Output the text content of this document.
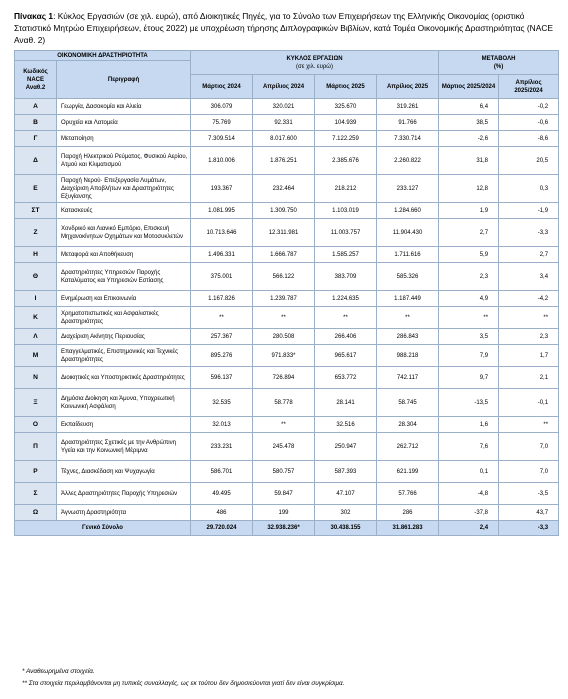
Πίνακας 1: Κύκλος Εργασιών (σε χιλ. ευρώ), από Διοικητικές Πηγές, για το Σύνολο των Επιχειρήσεων της Ελληνικής Οικονομίας (οριστικό Στατιστικό Μητρώο Επιχειρήσεων, έτους 2022) με υποχρέωση τήρησης Διπλογραφικών Βιβλίων, κατά Τομέα Οικονομικής Δραστηριότητας (NACE Αναθ. 2)
ΟΙΚΟΝΟΜΙΚΗ ΔΡΑΣΤΗΡΙΟΤΗΤΑ		ΚΥΚΛΟΣ ΕΡΓΑΣΙΩΝ
(σε χιλ. ευρώ)				ΜΕΤΑΒΟΛΗ
(%)	
Κωδικός NACE Αναθ.2	Περιγραφή						
		Μάρτιος 2024	Απρίλιος 2024	Μάρτιος 2025	Απρίλιος 2025	Μάρτιος 2025/2024	Απρίλιος 2025/2024
Α	Γεωργία, Δασοκομία και Αλιεία	306.079	320.021	325.670	319.261	6,4	-0,2
Β	Ορυχεία και Λατομεία	75.769	92.331	104.939	91.766	38,5	-0,6
Γ	Μεταποίηση	7.309.514	8.017.600	7.122.259	7.330.714	-2,6	-8,6
Δ	Παροχή Ηλεκτρικού Ρεύματος, Φυσικού Αερίου, Ατμού και Κλιματισμού	1.810.006	1.876.251	2.385.676	2.260.822	31,8	20,5
Ε	Παροχή Νερού· Επεξεργασία Λυμάτων, Διαχείριση Αποβλήτων και Δραστηριότητες Εξυγίανσης	193.367	232.464	218.212	233.127	12,8	0,3
ΣΤ	Κατασκευές	1.081.995	1.309.750	1.103.019	1.284.660	1,9	-1,9
Ζ	Χονδρικό και Λιανικό Εμπόριο, Επισκευή Μηχανοκίνητων Οχημάτων και Μοτοσυκλετών	10.713.646	12.311.981	11.003.757	11.904.430	2,7	-3,3
Η	Μεταφορά και Αποθήκευση	1.496.331	1.666.787	1.585.257	1.711.616	5,9	2,7
Θ	Δραστηριότητες Υπηρεσιών Παροχής Καταλύματος και Υπηρεσιών Εστίασης	375.001	566.122	383.709	585.326	2,3	3,4
Ι	Ενημέρωση και Επικοινωνία	1.167.826	1.239.787	1.224.635	1.187.449	4,9	-4,2
Κ	Χρηματοπιστωτικές και Ασφαλιστικές Δραστηριότητες	**	**	**	**	**	**
Λ	Διαχείριση Ακίνητης Περιουσίας	257.367	280.508	266.406	286.843	3,5	2,3
Μ	Επαγγελματικές, Επιστημονικές και Τεχνικές Δραστηριότητες	895.276	971.833*	965.617	988.218	7,9	1,7
Ν	Διοικητικές και Υποστηρικτικές Δραστηριότητες	596.137	726.894	653.772	742.117	9,7	2,1
Ξ	Δημόσια Διοίκηση και Άμυνα, Υποχρεωτική Κοινωνική Ασφάλιση	32.535	58.778	28.141	58.745	-13,5	-0,1
Ο	Εκπαίδευση	32.013	**	32.516	28.304	1,6	**
Π	Δραστηριότητες Σχετικές με την Ανθρώπινη Υγεία και την Κοινωνική Μέριμνα	233.231	245.478	250.947	262.712	7,6	7,0
Ρ	Τέχνες, Διασκέδαση και Ψυχαγωγία	586.701	580.757	587.393	621.199	0,1	7,0
Σ	Άλλες Δραστηριότητες Παροχής Υπηρεσιών	49.495	59.847	47.107	57.766	-4,8	-3,5
Ω	Άγνωστη Δραστηριότητα	486	199	302	286	-37,8	43,7
Γενικό Σύνολο		29.720.024	32.938.236*	30.438.155	31.861.283	2,4	-3,3
* Αναθεωρημένα στοιχεία.
** Στα στοιχεία περιλαμβάνονται μη τυπικές συναλλαγές, ως εκ τούτου δεν δημοσιεύονται γιατί δεν είναι συγκρίσιμα.
